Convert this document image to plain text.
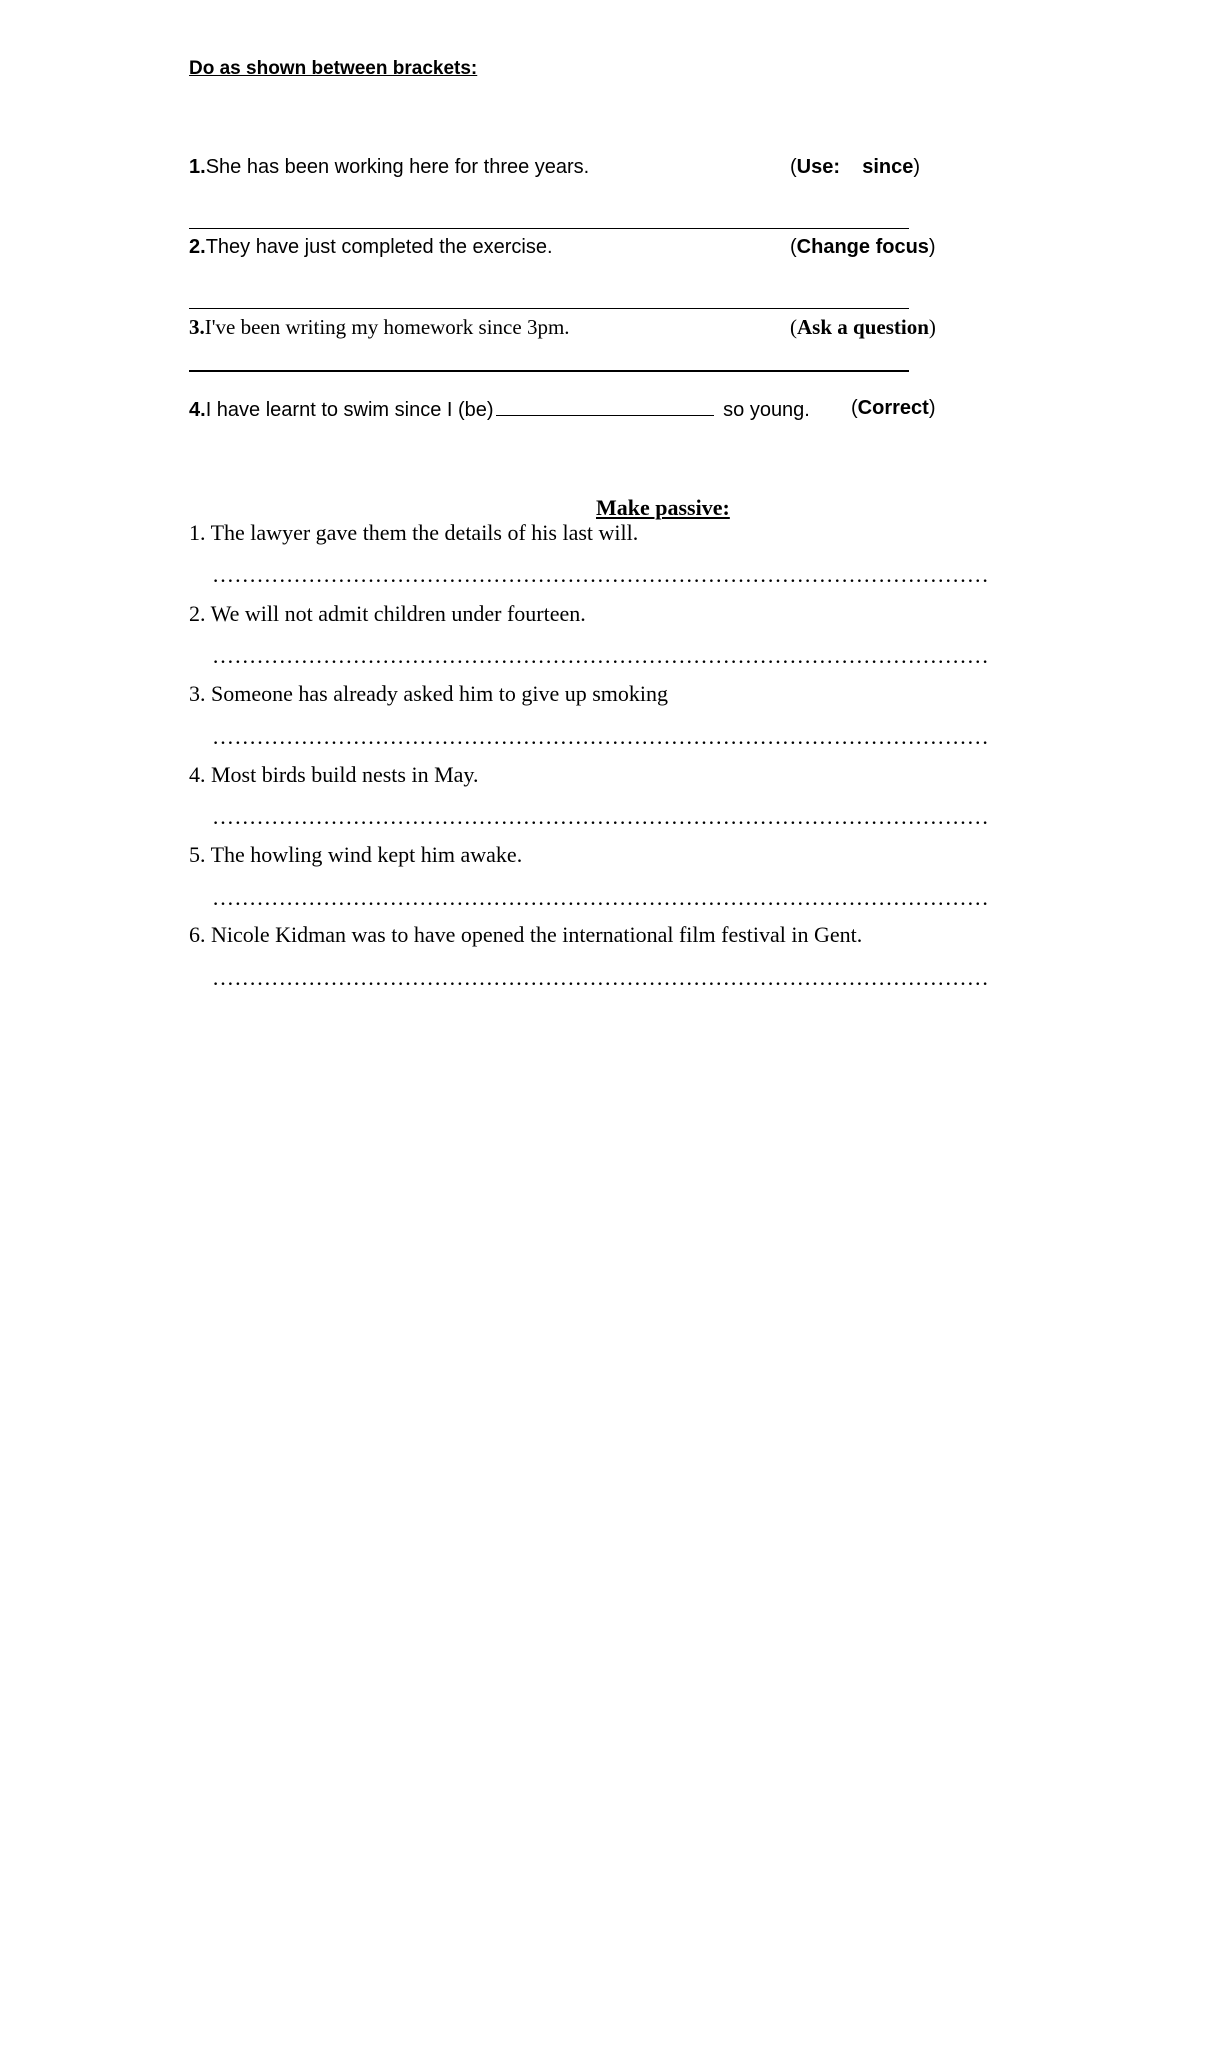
Do as shown between brackets:
1.She has been working here for three years.	(Use:    since)
2.They have just completed the exercise.	(Change focus)
3.I've been writing my homework since 3pm.	(Ask a question)
4.I have learnt to swim since I (be)	so young. (Correct)
Make passive:
1. The lawyer gave them the details of his last will.
……………………………………………………………………………………………
2. We will not admit children under fourteen.
……………………………………………………………………………………………
3. Someone has already asked him to give up smoking
……………………………………………………………………………………………
4. Most birds build nests in May.
……………………………………………………………………………………………
5. The howling wind kept him awake.
……………………………………………………………………………………………
6. Nicole Kidman was to have opened the international film festival in Gent.
……………………………………………………………………………………………
